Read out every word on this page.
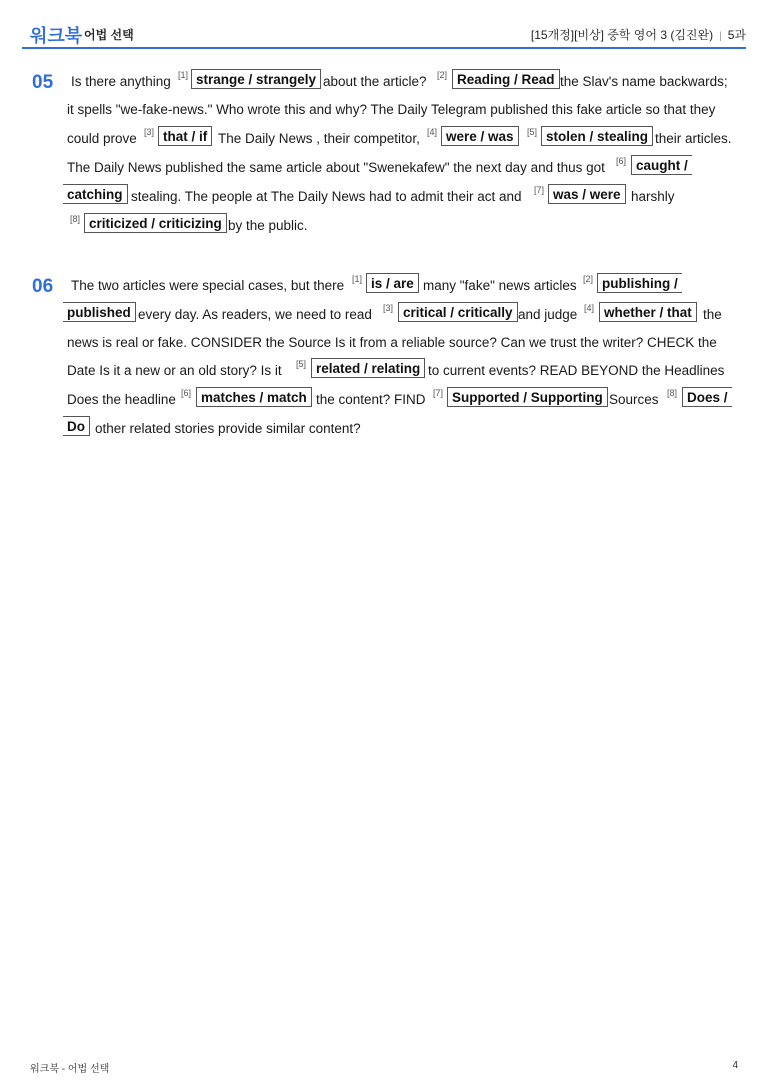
워크북 어법 선택	[15개정][비상] 중학 영어 3 (김진완) | 5과
05 Is there anything [1] strange / strangely about the article? [2] Reading / Read the Slav's name backwards;
it spells "we-fake-news." Who wrote this and why? The Daily Telegram published this fake article so that they
could prove [3] that / if The Daily News , their competitor, [4] were / was	[5] stolen / stealing their articles.
The Daily News published the same article about "Swenekafew" the next day and thus got [6] caught /
catching stealing. The people at The Daily News had to admit their act and [7] was / were harshly
[8] criticized / criticizing by the public.
06 The two articles were special cases, but there [1] is / are many "fake" news articles [2] publishing /
published every day. As readers, we need to read [3] critical / critically and judge [4] whether / that the
news is real or fake. CONSIDER the Source Is it from a reliable source? Can we trust the writer? CHECK the
Date Is it a new or an old story? Is it [5] related / relating to current events? READ BEYOND the Headlines
Does the headline [6] matches / match the content? FIND [7] Supported / Supporting Sources [8] Does /
Do other related stories provide similar content?
워크북 - 어법 선택	4
